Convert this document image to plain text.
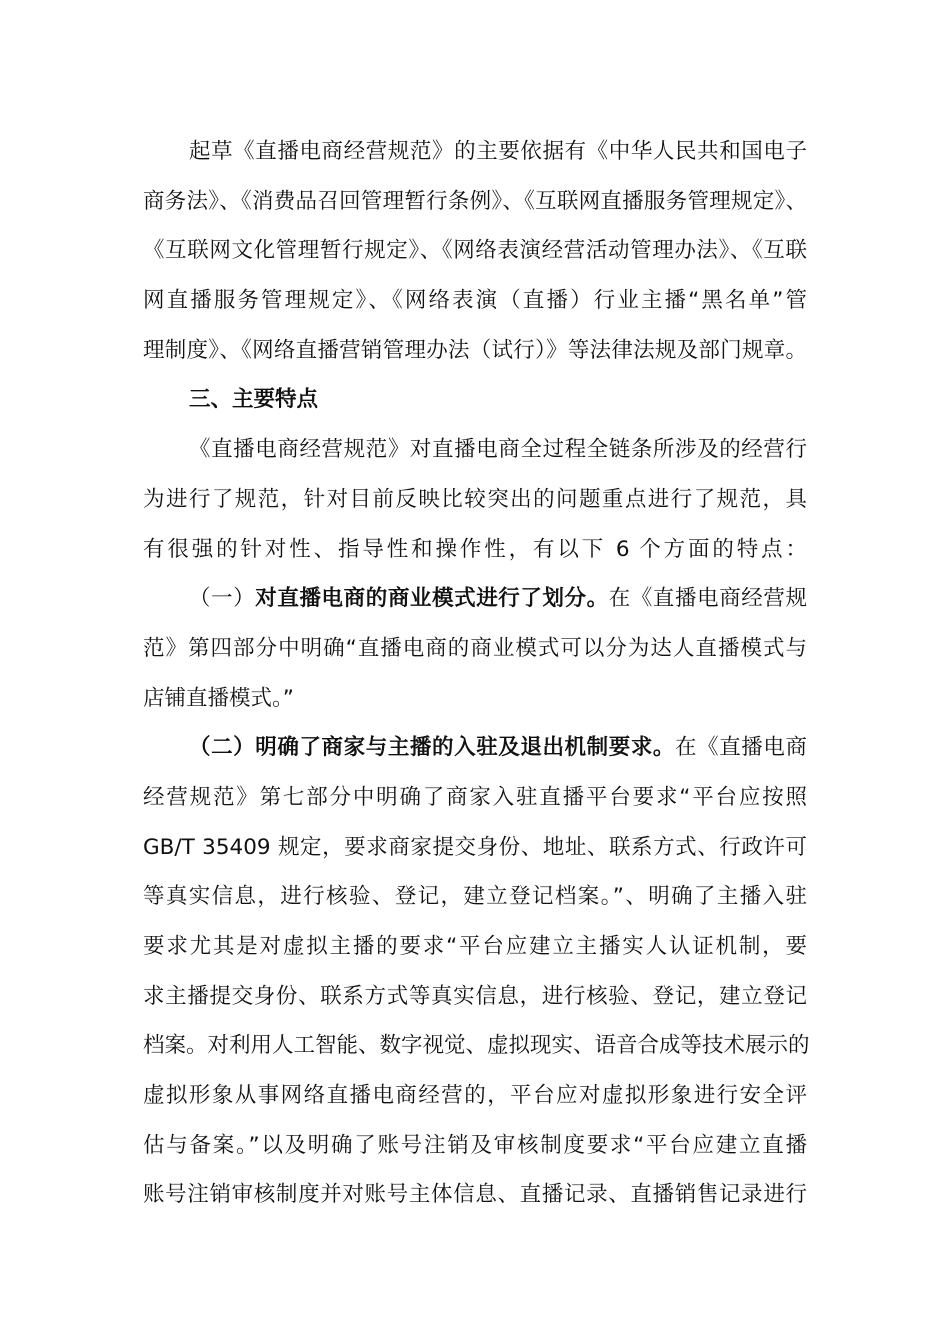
起草《直播电商经营规范》的主要依据有《中华人民共和国电子
商务法》、《消费品召回管理暂行条例》、《互联网直播服务管理规定》、
《互联网文化管理暂行规定》、《网络表演经营活动管理办法》、《互联
网直播服务管理规定》、《网络表演（直播）行业主播“黑名单”管
理制度》、《网络直播营销管理办法（试行）》等法律法规及部门规章。
三、主要特点
《直播电商经营规范》对直播电商全过程全链条所涉及的经营行
为进行了规范，针对目前反映比较突出的问题重点进行了规范，具
有很强的针对性、指导性和操作性，有以下 6 个方面的特点：
（一）对直播电商的商业模式进行了划分。在《直播电商经营规
范》第四部分中明确“直播电商的商业模式可以分为达人直播模式与
店铺直播模式。”
（二）明确了商家与主播的入驻及退出机制要求。在《直播电商
经营规范》第七部分中明确了商家入驻直播平台要求“平台应按照
GB/T 35409 规定，要求商家提交身份、地址、联系方式、行政许可
等真实信息，进行核验、登记，建立登记档案。”、明确了主播入驻
要求尤其是对虚拟主播的要求“平台应建立主播实人认证机制，要
求主播提交身份、联系方式等真实信息，进行核验、登记，建立登记
档案。对利用人工智能、数字视觉、虚拟现实、语音合成等技术展示的
虚拟形象从事网络直播电商经营的，平台应对虚拟形象进行安全评
估与备案。”以及明确了账号注销及审核制度要求“平台应建立直播
账号注销审核制度并对账号主体信息、直播记录、直播销售记录进行
